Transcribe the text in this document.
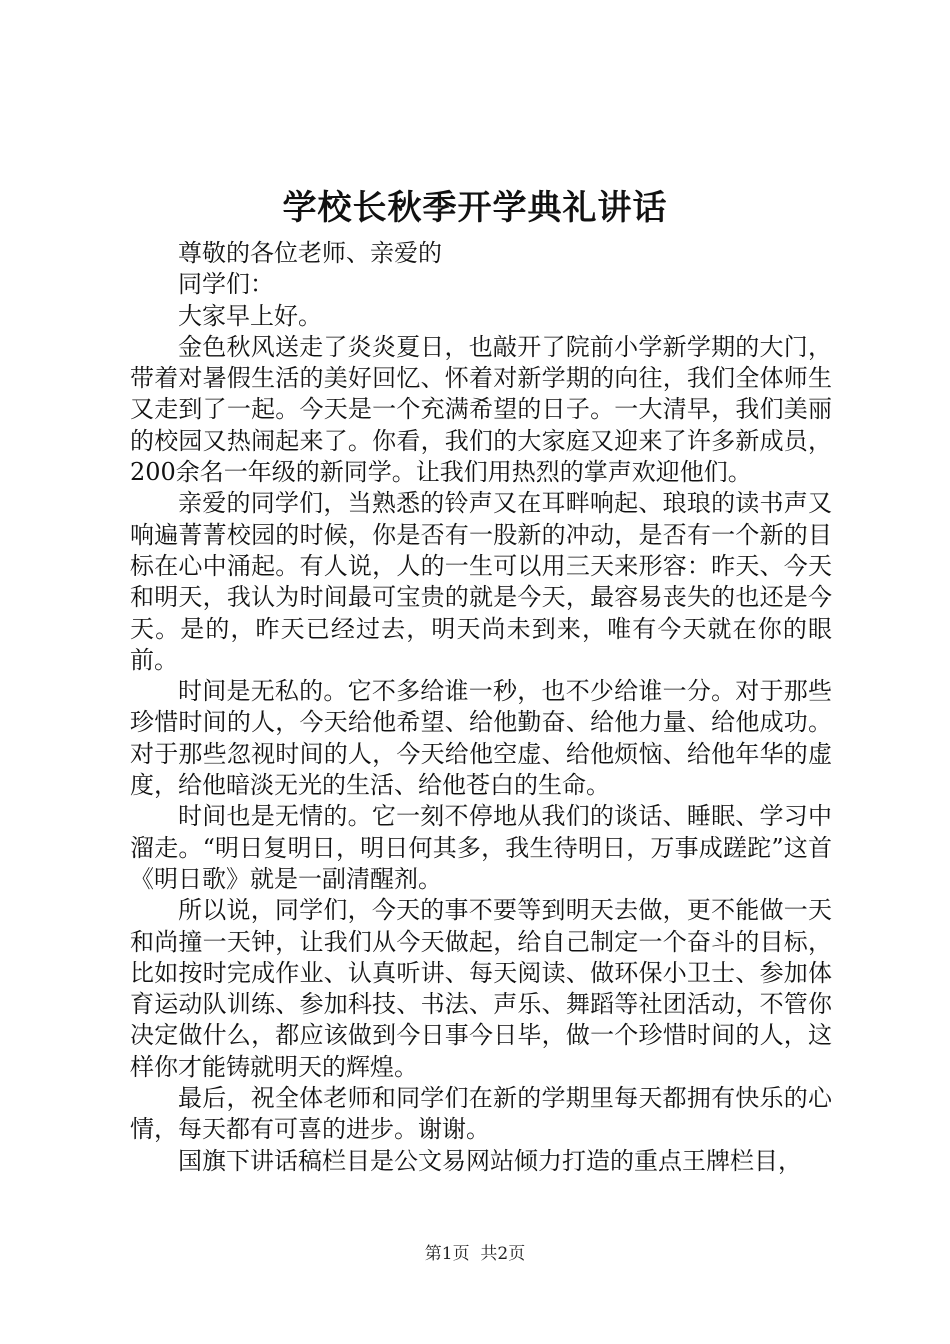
学校长秋季开学典礼讲话

尊敬的各位老师、亲爱的

同学们：

大家早上好。

金色秋风送走了炎炎夏日，也敲开了院前小学新学期的大门，带着对暑假生活的美好回忆、怀着对新学期的向往，我们全体师生又走到了一起。今天是一个充满希望的日子。一大清早，我们美丽的校园又热闹起来了。你看，我们的大家庭又迎来了许多新成员，200余名一年级的新同学。让我们用热烈的掌声欢迎他们。

亲爱的同学们，当熟悉的铃声又在耳畔响起、琅琅的读书声又响遍菁菁校园的时候，你是否有一股新的冲动，是否有一个新的目标在心中涌起。有人说，人的一生可以用三天来形容：昨天、今天和明天，我认为时间最可宝贵的就是今天，最容易丧失的也还是今天。是的，昨天已经过去，明天尚未到来，唯有今天就在你的眼前。

时间是无私的。它不多给谁一秒，也不少给谁一分。对于那些珍惜时间的人，今天给他希望、给他勤奋、给他力量、给他成功。对于那些忽视时间的人，今天给他空虚、给他烦恼、给他年华的虚度，给他暗淡无光的生活、给他苍白的生命。

时间也是无情的。它一刻不停地从我们的谈话、睡眠、学习中溜走。“明日复明日，明日何其多，我生待明日，万事成蹉跎”这首《明日歌》就是一副清醒剂。

所以说，同学们，今天的事不要等到明天去做，更不能做一天和尚撞一天钟，让我们从今天做起，给自己制定一个奋斗的目标，比如按时完成作业、认真听讲、每天阅读、做环保小卫士、参加体育运动队训练、参加科技、书法、声乐、舞蹈等社团活动，不管你决定做什么，都应该做到今日事今日毕，做一个珍惜时间的人，这样你才能铸就明天的辉煌。

最后，祝全体老师和同学们在新的学期里每天都拥有快乐的心情，每天都有可喜的进步。谢谢。

国旗下讲话稿栏目是公文易网站倾力打造的重点王牌栏目，

第1页  共2页
